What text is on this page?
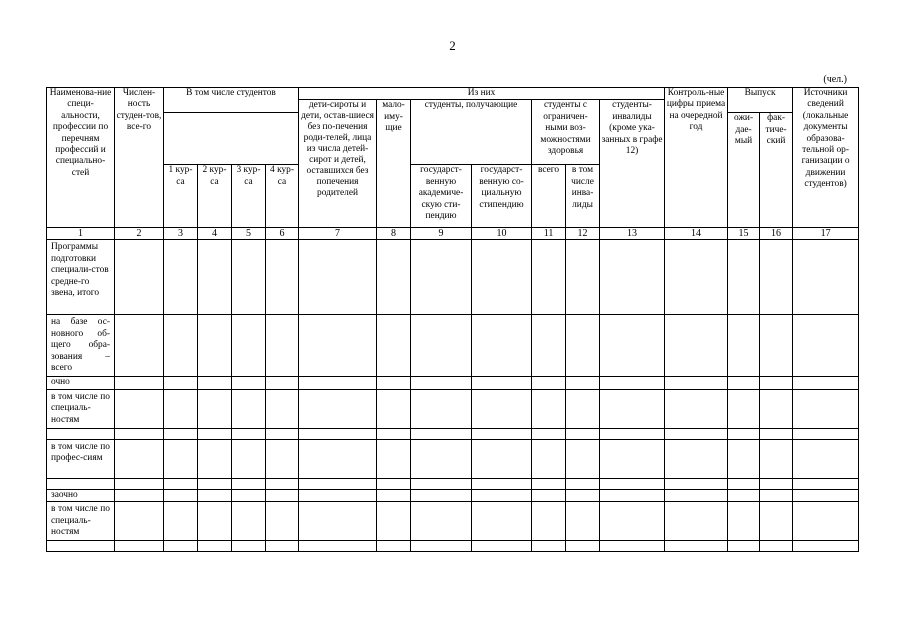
2
(чел.)
Наименова-ние специ-альности, профессии по перечням профессий и специально-стей	Числен-ность студен-тов, все-го	В том числе студентов				Из них							Контроль-ные цифры приема на очередной год	Выпуск		Источники сведений (локальные документы образова-тельной ор-ганизации о движении студентов)
						дети-сироты и дети, остав-шиеся без по-печения роди-телей, лица из числа детей-сирот и детей, оставшихся без попечения родителей	мало-иму-щие	студенты, получающие		студенты с ограничен-ными воз-можностями здоровья		студенты-инвалиды (кроме ука-занных в графе 12)				
														ожи-дае-мый	фак-тиче-ский	
		1 кур-са	2 кур-са	3 кур-са	4 кур-са			государст-венную академиче-скую сти-пендию	государст-венную со-циальную стипендию	всего	в том числе инва-лиды					
1	2	3	4	5	6	7	8	9	10	11	12	13	14	15	16	17
Программы подготовки специали-стов средне-го звена, итого																
на базе ос-новного об-щего обра-зования – всего																
очно																
в том числе по специаль-ностям																

в том числе по профес-сиям																

заочно																
в том числе по специаль-ностям																
